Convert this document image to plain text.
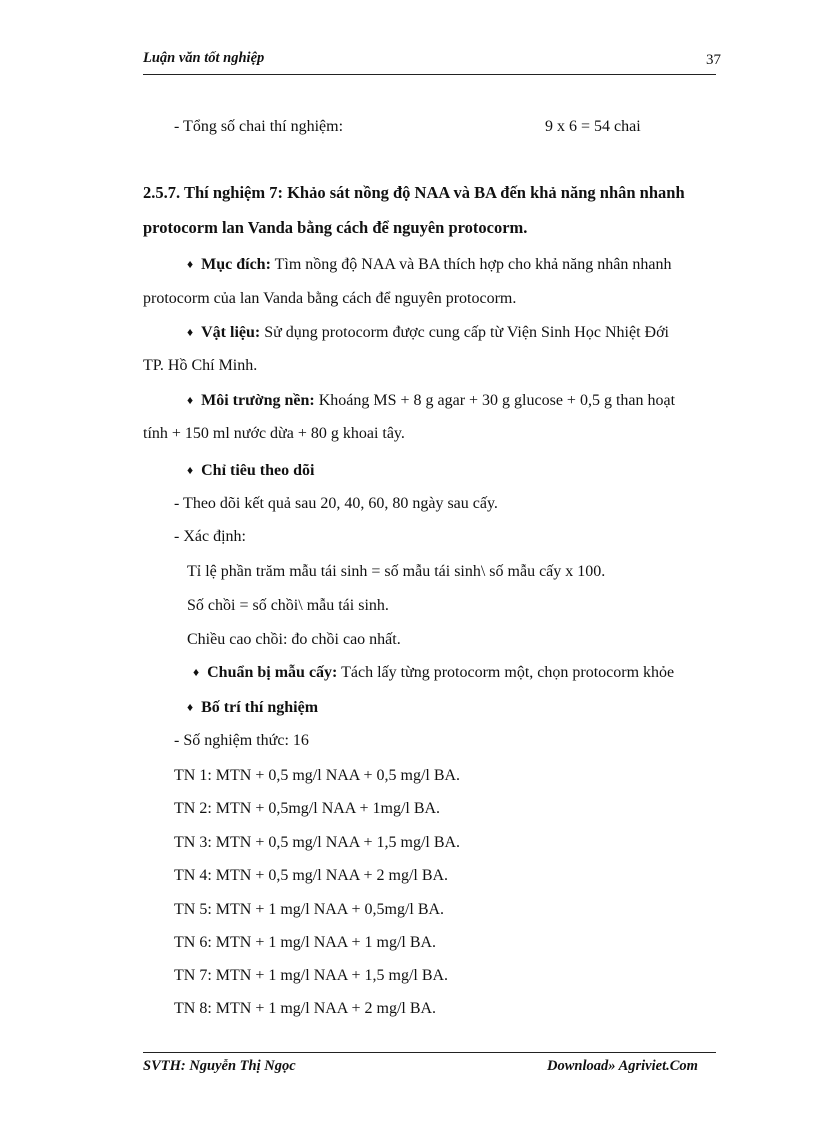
Luận văn tốt nghiệp	37
- Tổng số chai thí nghiệm:	9 x 6 = 54 chai
2.5.7. Thí nghiệm 7: Khảo sát nồng độ NAA và BA đến khả năng nhân nhanh
protocorm lan Vanda bằng cách để nguyên protocorm.
♦ Mục đích: Tìm nồng độ NAA và BA thích hợp cho khả năng nhân nhanh
protocorm của lan Vanda bằng cách để nguyên protocorm.
♦ Vật liệu: Sử dụng protocorm được cung cấp từ Viện Sinh Học Nhiệt Đới
TP. Hồ Chí Minh.
♦ Môi trường nền: Khoáng MS + 8 g agar + 30 g glucose + 0,5 g than hoạt
tính + 150 ml nước dừa + 80 g khoai tây.
♦ Chỉ tiêu theo dõi
- Theo dõi kết quả sau 20, 40, 60, 80 ngày sau cấy.
- Xác định:
Tỉ lệ phần trăm mẫu tái sinh = số mẫu tái sinh\ số mẫu cấy x 100.
Số chồi = số chồi\ mẫu tái sinh.
Chiều cao chồi: đo chồi cao nhất.
♦ Chuẩn bị mẫu cấy: Tách lấy từng protocorm một, chọn protocorm khỏe
♦ Bố trí thí nghiệm
- Số nghiệm thức: 16
TN 1: MTN + 0,5 mg/l NAA + 0,5 mg/l BA.
TN 2: MTN + 0,5mg/l NAA + 1mg/l BA.
TN 3: MTN + 0,5 mg/l NAA + 1,5 mg/l BA.
TN 4: MTN + 0,5 mg/l NAA + 2 mg/l BA.
TN 5: MTN + 1 mg/l NAA + 0,5mg/l BA.
TN 6: MTN + 1 mg/l NAA + 1 mg/l BA.
TN 7: MTN + 1 mg/l NAA + 1,5 mg/l BA.
TN 8: MTN + 1 mg/l NAA + 2 mg/l BA.
SVTH: Nguyễn Thị Ngọc	Download» Agriviet.Com
